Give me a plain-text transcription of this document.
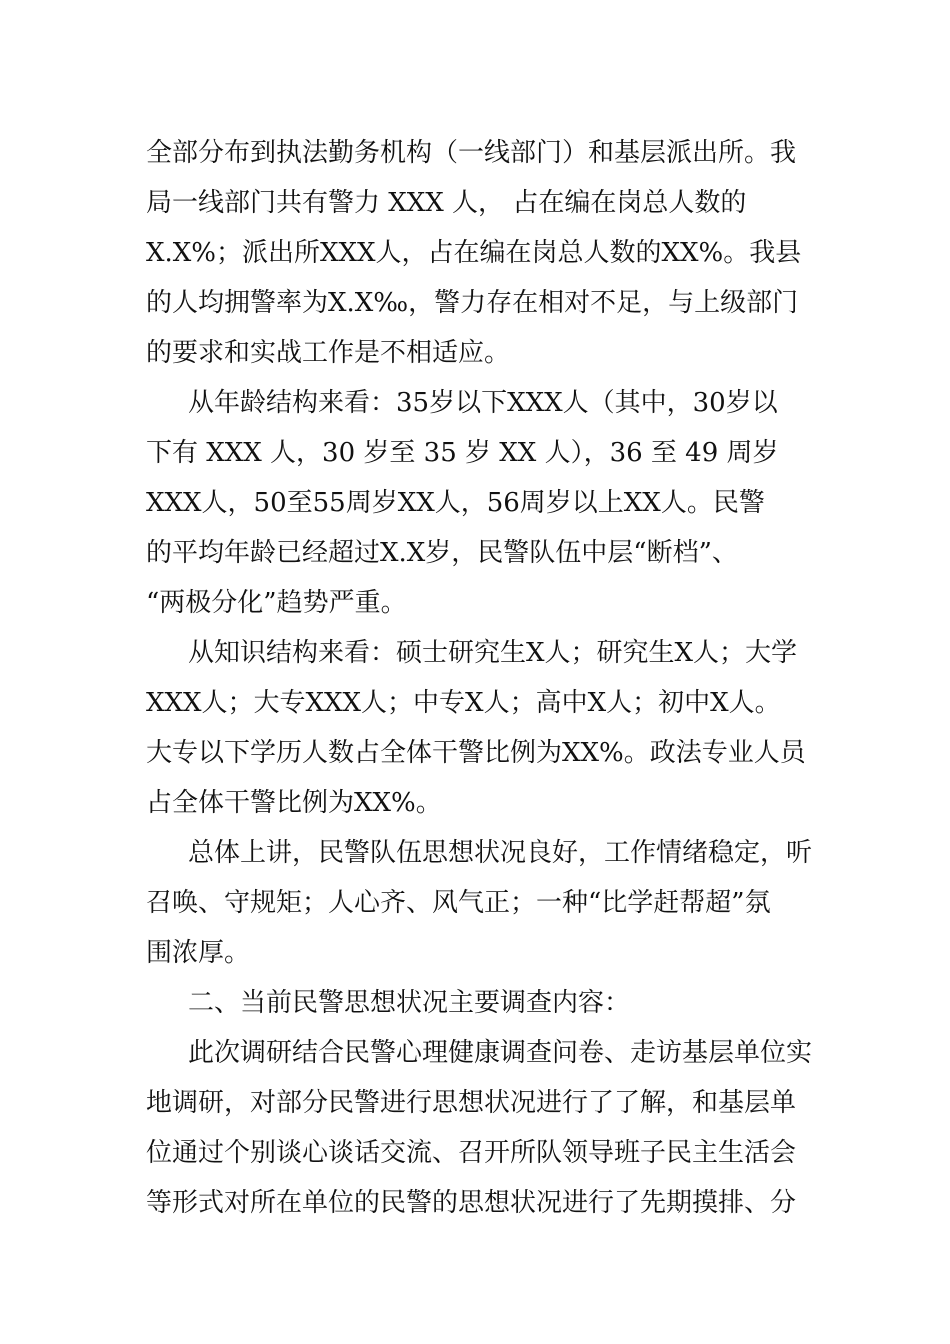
全部分布到执法勤务机构（一线部门）和基层派出所。我
局一线部门共有警力 XXX 人， 占在编在岗总人数的
X.X%；派出所XXX人，占在编在岗总人数的XX%。我县
的人均拥警率为X.X‰，警力存在相对不足，与上级部门
的要求和实战工作是不相适应。
从年龄结构来看：35岁以下XXX人（其中，30岁以
下有 XXX 人，30 岁至 35 岁 XX 人），36 至 49 周岁
XXX人，50至55周岁XX人，56周岁以上XX人。民警
的平均年龄已经超过X.X岁，民警队伍中层“断档”、
“两极分化”趋势严重。
从知识结构来看：硕士研究生X人；研究生X人；大学
XXX人；大专XXX人；中专X人；高中X人；初中X人。
大专以下学历人数占全体干警比例为XX%。政法专业人员
占全体干警比例为XX%。
总体上讲，民警队伍思想状况良好，工作情绪稳定，听
召唤、守规矩；人心齐、风气正；一种“比学赶帮超”氛
围浓厚。
二、当前民警思想状况主要调查内容：
此次调研结合民警心理健康调查问卷、走访基层单位实
地调研，对部分民警进行思想状况进行了了解，和基层单
位通过个别谈心谈话交流、召开所队领导班子民主生活会
等形式对所在单位的民警的思想状况进行了先期摸排、分
